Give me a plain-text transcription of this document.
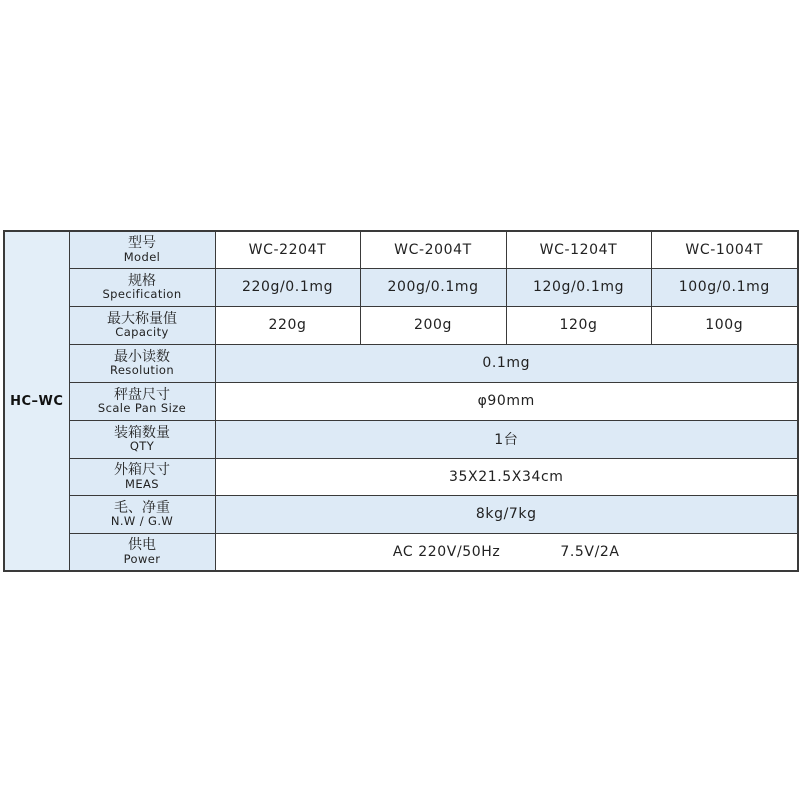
HC–WC	型号
Model	WC-2204T	WC-2004T	WC-1204T	WC-1004T

	规格
Specification	220g/0.1mg	200g/0.1mg	120g/0.1mg	100g/0.1mg

	最大称量值
Capacity	220g	200g	120g	100g

	最小读数
Resolution	0.1mg			

	秤盘尺寸
Scale Pan Size	φ90mm			

	装箱数量
QTY	1台			

	外箱尺寸
MEAS	35X21.5X34cm			

	毛、净重
N.W / G.W	8kg/7kg			

	供电
Power	AC 220V/50Hz 7.5V/2A			
